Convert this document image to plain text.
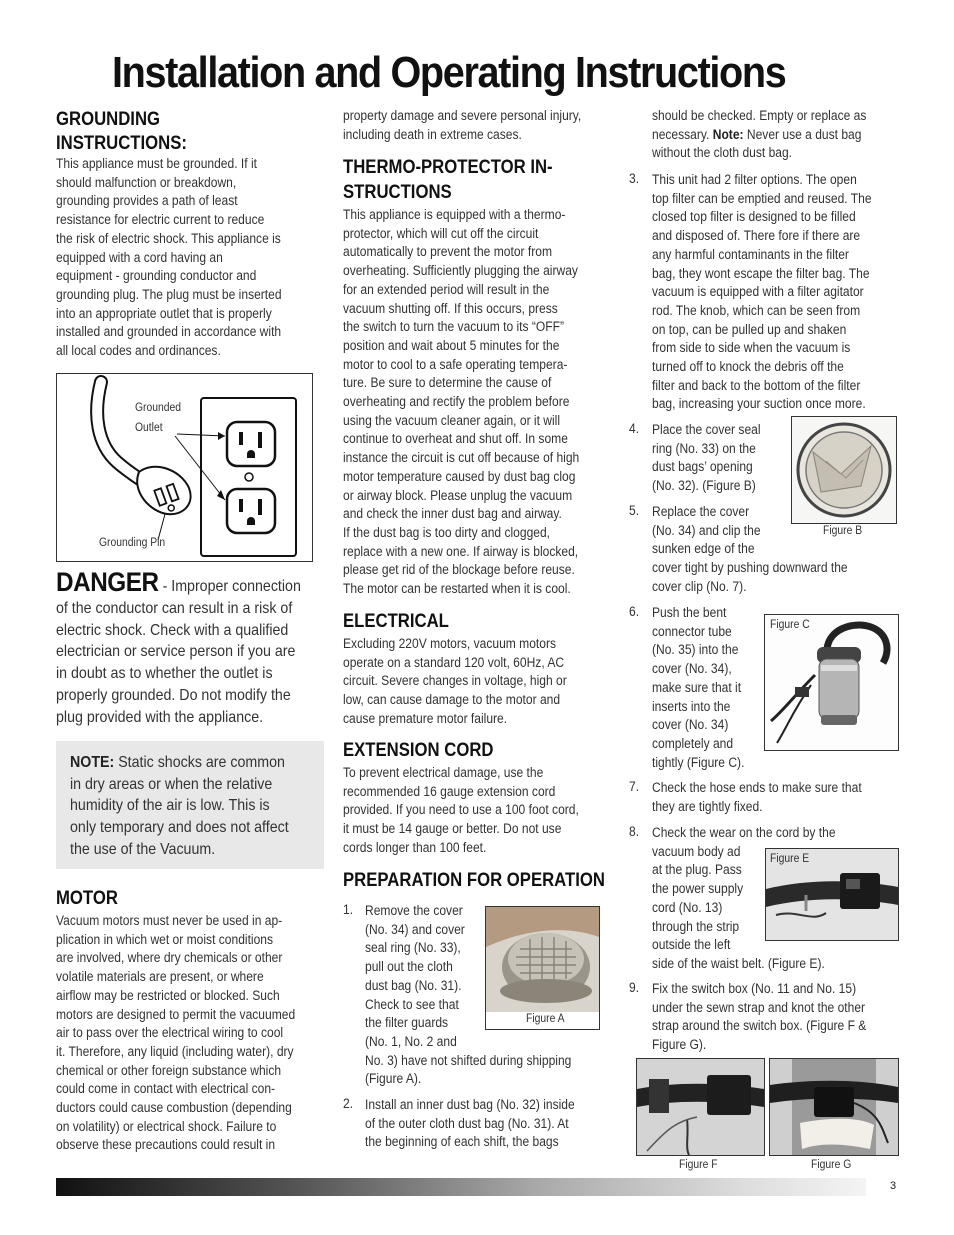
Installation and Operating Instructions
GROUNDING
INSTRUCTIONS:
This appliance must be grounded. If it
should malfunction or breakdown,
grounding provides a path of least
resistance for electric current to reduce
the risk of electric shock. This appliance is
equipped with a cord having an
equipment - grounding conductor and
grounding plug. The plug must be inserted
into an appropriate outlet that is properly
installed and grounded in accordance with
all local codes and ordinances.
Grounded
Outlet
Grounding Pin
DANGER - Improper connection
of the conductor can result in a risk of
electric shock. Check with a qualified
electrician or service person if you are
in doubt as to whether the outlet is
properly grounded. Do not modify the
plug provided with the appliance.
NOTE: Static shocks are common
in dry areas or when the relative
humidity of the air is low. This is
only temporary and does not affect
the use of the Vacuum.
MOTOR
Vacuum motors must never be used in ap-
plication in which wet or moist conditions
are involved, where dry chemicals or other
volatile materials are present, or where
airflow may be restricted or blocked. Such
motors are designed to permit the vacuumed
air to pass over the electrical wiring to cool
it. Therefore, any liquid (including water), dry
chemical or other foreign substance which
could come in contact with electrical con-
ductors could cause combustion (depending
on volatility) or electrical shock. Failure to
observe these precautions could result in
property damage and severe personal injury,
including death in extreme cases.
THERMO-PROTECTOR IN-
STRUCTIONS
This appliance is equipped with a thermo-
protector, which will cut off the circuit
automatically to prevent the motor from
overheating. Sufficiently plugging the airway
for an extended period will result in the
vacuum shutting off. If this occurs, press
the switch to turn the vacuum to its “OFF”
position and wait about 5 minutes for the
motor to cool to a safe operating tempera-
ture. Be sure to determine the cause of
overheating and rectify the problem before
using the vacuum cleaner again, or it will
continue to overheat and shut off. In some
instance the circuit is cut off because of high
motor temperature caused by dust bag clog
or airway block. Please unplug the vacuum
and check the inner dust bag and airway.
If the dust bag is too dirty and clogged,
replace with a new one. If airway is blocked,
please get rid of the blockage before reuse.
The motor can be restarted when it is cool.
ELECTRICAL
Excluding 220V motors, vacuum motors
operate on a standard 120 volt, 60Hz, AC
circuit. Severe changes in voltage, high or
low, can cause damage to the motor and
cause premature motor failure.
EXTENSION CORD
To prevent electrical damage, use the
recommended 16 gauge extension cord
provided. If you need to use a 100 foot cord,
it must be 14 gauge or better. Do not use
cords longer than 100 feet.
PREPARATION FOR OPERATION
1. Remove the cover
(No. 34) and cover
seal ring (No. 33),
pull out the cloth
dust bag (No. 31).
Check to see that
the filter guards
(No. 1, No. 2 and
No. 3) have not shifted during shipping
(Figure A).
Figure A
2. Install an inner dust bag (No. 32) inside
of the outer cloth dust bag (No. 31). At
the beginning of each shift, the bags
should be checked. Empty or replace as
necessary. Note: Never use a dust bag
without the cloth dust bag.
3. This unit had 2 filter options. The open
top filter can be emptied and reused. The
closed top filter is designed to be filled
and disposed of. There fore if there are
any harmful contaminants in the filter
bag, they wont escape the filter bag. The
vacuum is equipped with a filter agitator
rod. The knob, which can be seen from
on top, can be pulled up and shaken
from side to side when the vacuum is
turned off to knock the debris off the
filter and back to the bottom of the filter
bag, increasing your suction once more.
4. Place the cover seal
ring (No. 33) on the
dust bags’ opening
(No. 32). (Figure B)
Figure B
5. Replace the cover
(No. 34) and clip the
sunken edge of the
cover tight by pushing downward the
cover clip (No. 7).
6. Push the bent
connector tube
(No. 35) into the
cover (No. 34),
make sure that it
inserts into the
cover (No. 34)
completely and
tightly (Figure C).
Figure C
7. Check the hose ends to make sure that
they are tightly fixed.
8. Check the wear on the cord by the
vacuum body ad
at the plug. Pass
the power supply
cord (No. 13)
through the strip
outside the left
side of the waist belt. (Figure E).
Figure E
9. Fix the switch box (No. 11 and No. 15)
under the sewn strap and knot the other
strap around the switch box. (Figure F &
Figure G).
Figure F	Figure G
3
